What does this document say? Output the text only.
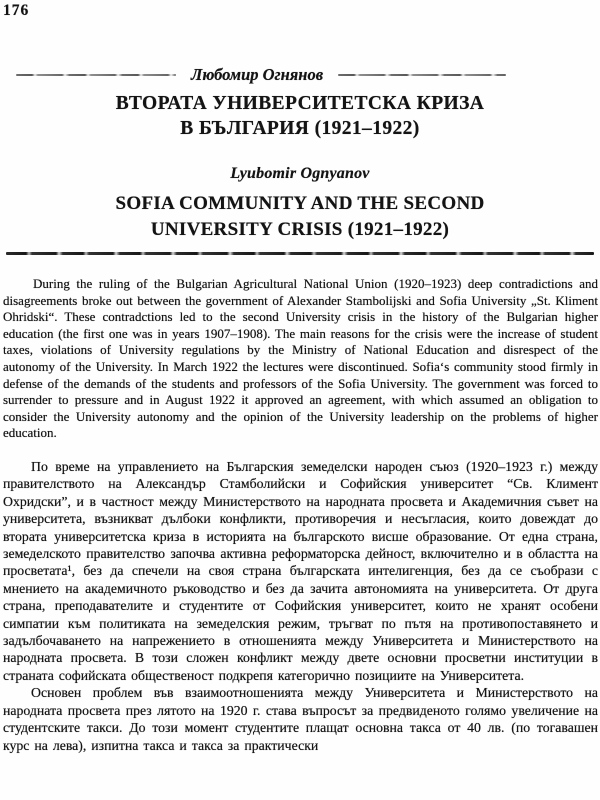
176
Любомир Огнянов
ВТОРАТА УНИВЕРСИТЕТСКА КРИЗА
В БЪЛГАРИЯ (1921–1922)
Lyubomir Ognyanov
SOFIA COMMUNITY AND THE SECOND
UNIVERSITY CRISIS (1921–1922)

During the ruling of the Bulgarian Agricultural National Union (1920–1923) deep contradictions and disagreements broke out between the government of Alexander Stambolijski and Sofia University „St. Kliment Ohridski“. These contradctions led to the second University crisis in the history of the Bulgarian higher education (the first one was in years 1907–1908). The main reasons for the crisis were the increase of student taxes, violations of University regulations by the Ministry of National Education and disrespect of the autonomy of the University. In March 1922 the lectures were discontinued. Sofia‘s community stood firmly in defense of the demands of the students and professors of the Sofia University. The government was forced to surrender to pressure and in August 1922 it approved an agreement, with which assumed an obligation to consider the University autonomy and the opinion of the University leadership on the problems of higher education.

По време на управлението на Българския земеделски народен съюз (1920–1923 г.) между правителството на Александър Стамболийски и Софийския университет “Св. Климент Охридски”, и в частност между Министерството на народната просвета и Академичния съвет на университета, възникват дълбоки конфликти, противоречия и несъгласия, които довеждат до втората университетска криза в историята на българското висше образование. От една страна, земеделското правителство започва активна реформаторска дейност, включително и в областта на просветата¹, без да спечели на своя страна българската интелигенция, без да се съобрази с мнението на академичното ръководство и без да зачита автономията на университета. От друга страна, преподавателите и студентите от Софийския университет, които не хранят особени симпатии към политиката на земеделския режим, тръгват по пътя на противопоставянето и задълбочаването на напрежението в отношенията между Университета и Министерството на народната просвета. В този сложен конфликт между двете основни просветни институции в страната софийската общественост подкрепя категорично позициите на Университета.

Основен проблем във взаимоотношенията между Университета и Министерството на народната просвета през лятото на 1920 г. става въпросът за предвиденото голямо увеличение на студентските такси. До този момент студентите плащат основна такса от 40 лв. (по тогавашен курс на лева), изпитна такса и такса за практически
